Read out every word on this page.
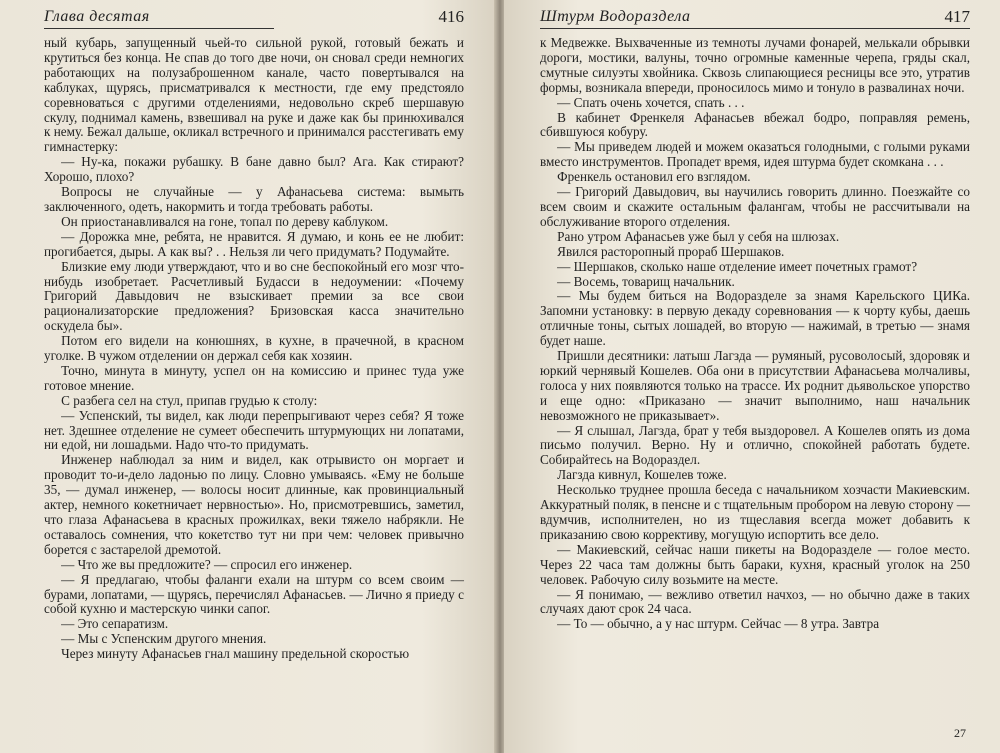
Глава десятая	416

ный кубарь, запущенный чьей-то сильной рукой, готовый бежать и крутиться без конца. Не спав до того две ночи, он сновал среди немногих работающих на полузаброшенном канале, часто повертывался на каблуках, щурясь, присматривался к местности, где ему предстояло соревноваться с другими отделениями, недовольно скреб шершавую скулу, поднимал камень, взвешивал на руке и даже как бы принюхивался к нему. Бежал дальше, окликал встречного и принимался расстегивать ему гимнастерку:

— Ну-ка, покажи рубашку. В бане давно был? Ага. Как стирают? Хорошо, плохо?

Вопросы не случайные — у Афанасьева система: вымыть заключенного, одеть, накормить и тогда требовать работы.

Он приостанавливался на гоне, топал по дереву каблуком.

— Дорожка мне, ребята, не нравится. Я думаю, и конь ее не любит: прогибается, дыры. А как вы? . . Нельзя ли чего придумать? Подумайте.

Близкие ему люди утверждают, что и во сне беспокойный его мозг что-нибудь изобретает. Расчетливый Будасси в недоумении: «Почему Григорий Давыдович не взыскивает премии за все свои рационализаторские предложения? Бризовская касса значительно оскудела бы».

Потом его видели на конюшнях, в кухне, в прачечной, в красном уголке. В чужом отделении он держал себя как хозяин.

Точно, минута в минуту, успел он на комиссию и принес туда уже готовое мнение.

С разбега сел на стул, припав грудью к столу:

— Успенский, ты видел, как люди перепрыгивают через себя? Я тоже нет. Здешнее отделение не сумеет обеспечить штурмующих ни лопатами, ни едой, ни лошадьми. Надо что-то придумать.

Инженер наблюдал за ним и видел, как отрывисто он моргает и проводит то-и-дело ладонью по лицу. Словно умываясь. «Ему не больше 35, — думал инженер, — волосы носит длинные, как провинциальный актер, немного кокетничает нервностью». Но, присмотревшись, заметил, что глаза Афанасьева в красных прожилках, веки тяжело набрякли. Не оставалось сомнения, что кокетство тут ни при чем: человек привычно борется с застарелой дремотой.

— Что же вы предложите? — спросил его инженер.

— Я предлагаю, чтобы фаланги ехали на штурм со всем своим — бурами, лопатами, — щурясь, перечислял Афанасьев. — Лично я приеду с собой кухню и мастерскую чинки сапог.

— Это сепаратизм.

— Мы с Успенским другого мнения.

Через минуту Афанасьев гнал машину предельной скоростью

Штурм Водораздела	417

к Медвежке. Выхваченные из темноты лучами фонарей, мелькали обрывки дороги, мостики, валуны, точно огромные каменные черепа, гряды скал, смутные силуэты хвойника. Сквозь слипающиеся ресницы все это, утратив формы, возникала впереди, проносилось мимо и тонуло в развалинах ночи.

— Спать очень хочется, спать . . .

В кабинет Френкеля Афанасьев вбежал бодро, поправляя ремень, сбившуюся кобуру.

— Мы приведем людей и можем оказаться голодными, с голыми руками вместо инструментов. Пропадет время, идея штурма будет скомкана . . .

Френкель остановил его взглядом.

— Григорий Давыдович, вы научились говорить длинно. Поезжайте со всем своим и скажите остальным фалангам, чтобы не рассчитывали на обслуживание второго отделения.

Рано утром Афанасьев уже был у себя на шлюзах.

Явился расторопный прораб Шершаков.

— Шершаков, сколько наше отделение имеет почетных грамот?

— Восемь, товарищ начальник.

— Мы будем биться на Водоразделе за знамя Карельского ЦИКа. Запомни установку: в первую декаду соревнования — к чорту кубы, даешь отличные тоны, сытых лошадей, во вторую — нажимай, в третью — знамя будет наше.

Пришли десятники: латыш Лагзда — румяный, русоволосый, здоровяк и юркий чернявый Кошелев. Оба они в присутствии Афанасьева молчаливы, голоса у них появляются только на трассе. Их роднит дьявольское упорство и еще одно: «Приказано — значит выполнимо, наш начальник невозможного не приказывает».

— Я слышал, Лагзда, брат у тебя выздоровел. А Кошелев опять из дома письмо получил. Верно. Ну и отлично, спокойней работать будете. Собирайтесь на Водораздел.

Лагзда кивнул, Кошелев тоже.

Несколько труднее прошла беседа с начальником хозчасти Макиевским. Аккуратный поляк, в пенсне и с тщательным пробором на левую сторону — вдумчив, исполнителен, но из тщеславия всегда может добавить к приказанию свою коррективу, могущую испортить все дело.

— Макиевский, сейчас наши пикеты на Водоразделе — голое место. Через 22 часа там должны быть бараки, кухня, красный уголок на 250 человек. Рабочую силу возьмите на месте.

— Я понимаю, — вежливо ответил начхоз, — но обычно даже в таких случаях дают срок 24 часа.

— То — обычно, а у нас штурм. Сейчас — 8 утра. Завтра

27
